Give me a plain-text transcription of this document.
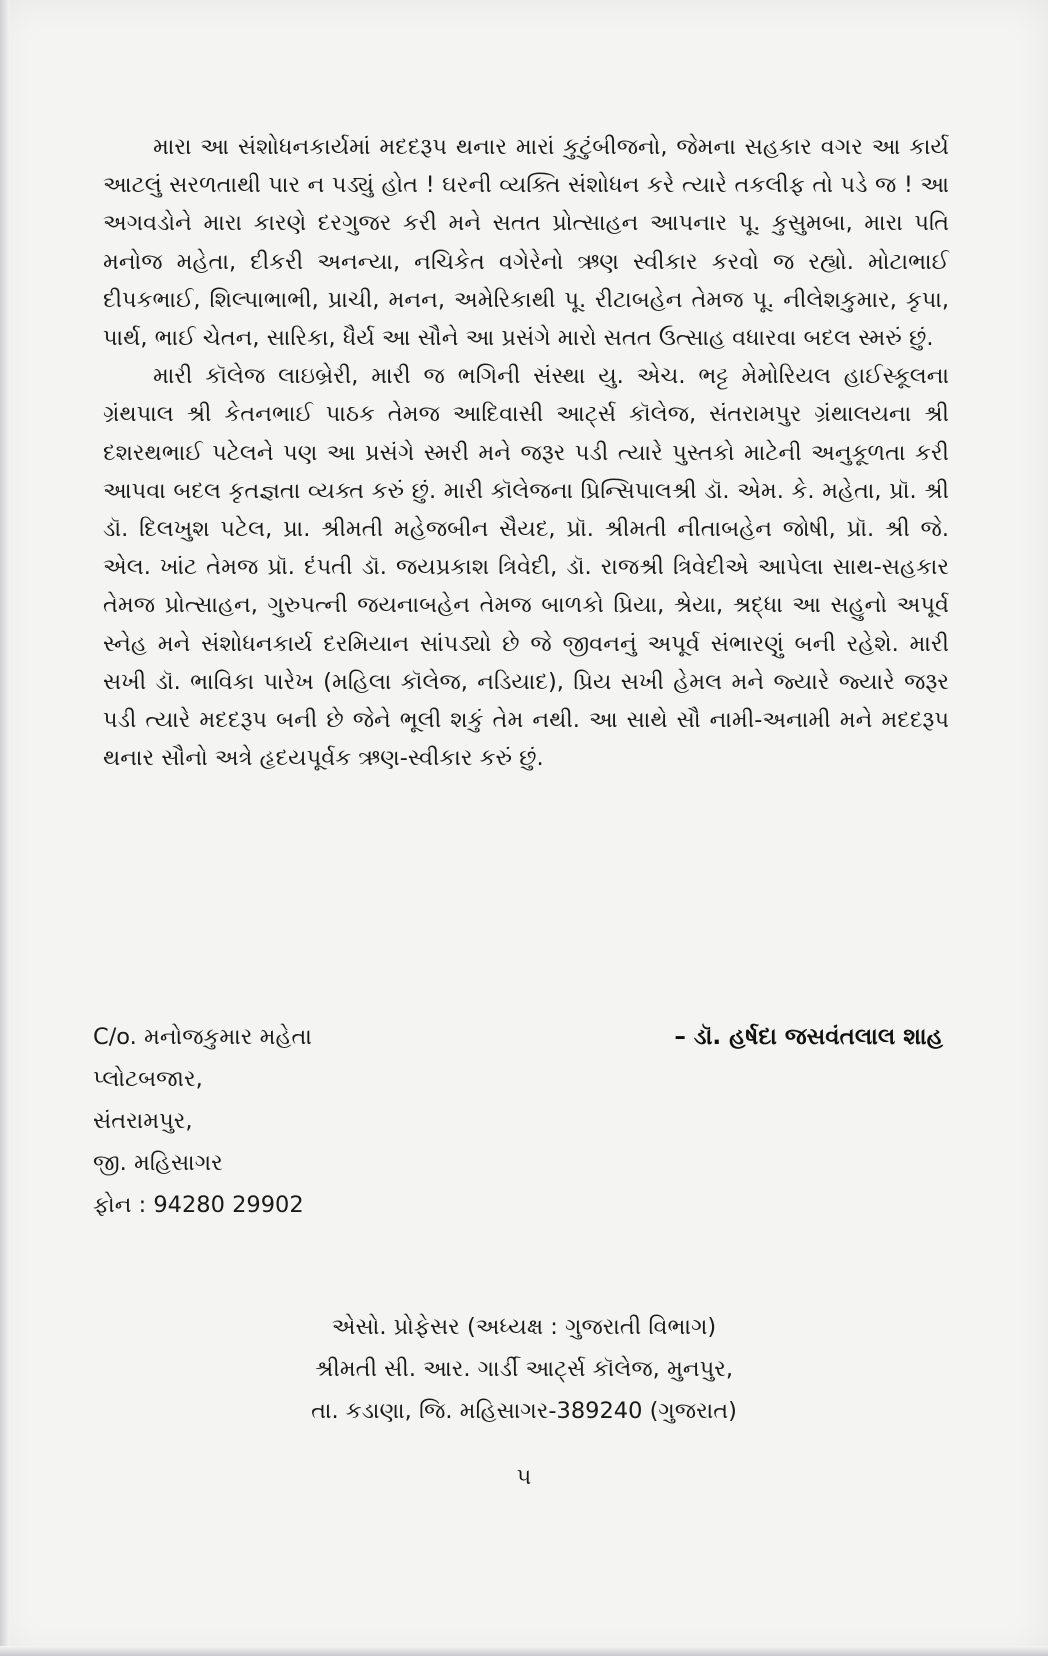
મારા આ સંશોધનકાર્યમાં મદદરૂપ થનાર મારાં કુટુંબીજનો, જેમના સહકાર વગર આ કાર્ય આટલું સરળતાથી પાર ન પડ્યું હોત ! ઘરની વ્યક્તિ સંશોધન કરે ત્યારે તકલીફ તો પડે જ ! આ અગવડોને મારા કારણે દરગુજર કરી મને સતત પ્રોત્સાહન આપનાર પૂ. કુસુમબા, મારા પતિ મનોજ મહેતા, દીકરી અનન્યા, નચિકેત વગેરેનો ઋણ સ્વીકાર કરવો જ રહ્યો. મોટાભાઈ દીપકભાઈ, શિલ્પાભાભી, પ્રાચી, મનન, અમેરિકાથી પૂ. રીટાબહેન તેમજ પૂ. નીલેશકુમાર, કૃપા, પાર્થ, ભાઈ ચેતન, સારિકા, ધૈર્ય આ સૌને આ પ્રસંગે મારો સતત ઉત્સાહ વધારવા બદલ સ્મરું છું.

મારી કૉલેજ લાઇબ્રેરી, મારી જ ભગિની સંસ્થા યુ. એચ. ભટ્ટ મેમોરિયલ હાઈસ્કૂલના ગ્રંથપાલ શ્રી કેતનભાઈ પાઠક તેમજ આદિવાસી આર્ટ્સ કૉલેજ, સંતરામપુર ગ્રંથાલયના શ્રી દશરથભાઈ પટેલને પણ આ પ્રસંગે સ્મરી મને જરૂર પડી ત્યારે પુસ્તકો માટેની અનુકૂળતા કરી આપવા બદલ કૃતજ્ઞતા વ્યક્ત કરું છું. મારી કૉલેજના પ્રિન્સિપાલશ્રી ડૉ. એમ. કે. મહેતા, પ્રૉ. શ્રી ડૉ. દિલખુશ પટેલ, પ્રા. શ્રીમતી મહેજબીન સૈયદ, પ્રૉ. શ્રીમતી નીતાબહેન જોષી, પ્રૉ. શ્રી જે. એલ. ખાંટ તેમજ પ્રૉ. દંપતી ડૉ. જયપ્રકાશ ત્રિવેદી, ડૉ. રાજશ્રી ત્રિવેદીએ આપેલા સાથ-સહકાર તેમજ પ્રોત્સાહન, ગુરુપત્ની જયનાબહેન તેમજ બાળકો પ્રિયા, શ્રેયા, શ્રદ્ધા આ સહુનો અપૂર્વ સ્નેહ મને સંશોધનકાર્ય દરમિયાન સાંપડ્યો છે જે જીવનનું અપૂર્વ સંભારણું બની રહેશે. મારી સખી ડૉ. ભાવિકા પારેખ (મહિલા કૉલેજ, નડિયાદ), પ્રિય સખી હેમલ મને જ્યારે જ્યારે જરૂર પડી ત્યારે મદદરૂપ બની છે જેને ભૂલી શકું તેમ નથી. આ સાથે સૌ નામી-અનામી મને મદદરૂપ થનાર સૌનો અત્રે હૃદયપૂર્વક ઋણ-સ્વીકાર કરું છું.

C/o. મનોજકુમાર મહેતા
પ્લોટબજાર,
સંતરામપુર,
જી. મહિસાગર
ફોન : 94280 29902
– ડૉ. હર્ષદા જસવંતલાલ શાહ
એસો. પ્રોફેસર (અધ્યક્ષ : ગુજરાતી વિભાગ)
શ્રીમતી સી. આર. ગાર્ડી આર્ટ્સ કૉલેજ, મુનપુર,
તા. કડાણા, જિ. મહિસાગર-389240 (ગુજરાત)
૫
